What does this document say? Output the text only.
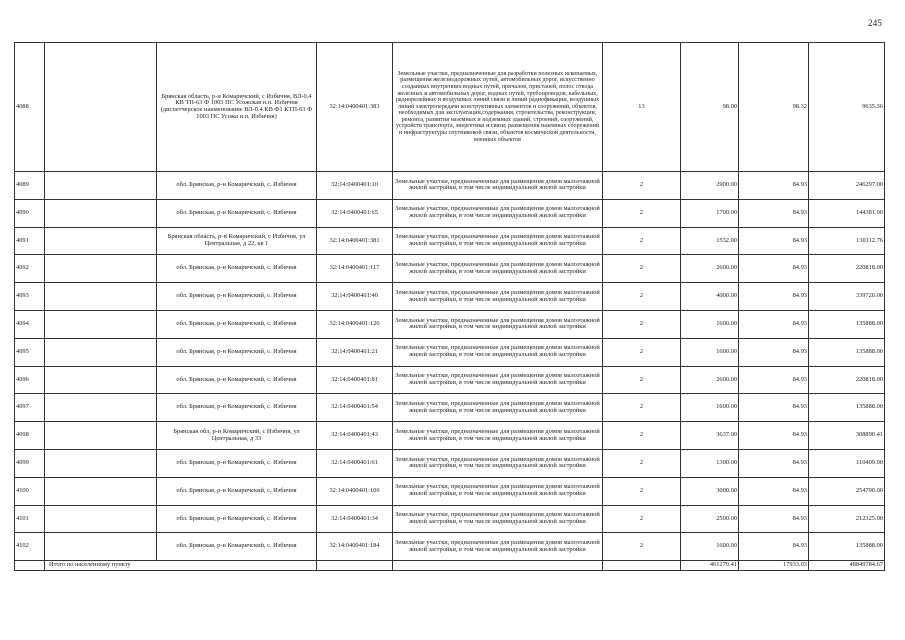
245
4088		Брянская область, р-н Комаричский, с Избичня, ВЛ-0.4 КВ ТП-63 Ф 1003 ПС Усожская н.п. Избичня (диспетчерское наименование ВЛ-0.4 КВ Ф1 КТП-63 Ф 1003 ПС Усожа н.п. Избичня)	32:14:0400401:383	Земельные участки, предназначенные для разработки полезных ископаемых, размещения железнодорожных путей, автомобильных дорог, искусственно созданных внутренних водных путей, причалов, пристаней, полос отвода железных и автомобильных дорог, водных путей, трубопроводов, кабельных, радиорелейных и воздушных линий связи и линий радиофикации, воздушных линий электропередачи конструктивных элементов и сооружений, объектов, необходимых для эксплуатации,содержания, строительства, реконструкции, ремонта, развития наземных и подземных зданий, строений, сооружений, устройств транспорта, энергетики и связи; размещения наземных сооружений и инфраструктуры спутниковой связи, объектов космической деятельности, военных объектов	13	98.00	98.32	9635.36
4089		обл. Брянская, р-н Комаричский, с. Избичня	32:14:0400401:10	Земельные участки, предназначенные для размещения домов малоэтажной жилой застройки, в том числе индивидуальной жилой застройки	2	2900.00	84.93	246297.00
4090		обл. Брянская, р-н Комаричский, с. Избичня	32:14:0400401:65	Земельные участки, предназначенные для размещения домов малоэтажной жилой застройки, в том числе индивидуальной жилой застройки	2	1700.00	84.93	144381.00
4091		Брянская область, р-н Комаричский, с Избичня, ул Центральная, д 22, кв 1	32:14:0400401:381	Земельные участки, предназначенные для размещения домов малоэтажной жилой застройки, в том числе индивидуальной жилой застройки	2	1532.00	84.93	130112.76
4092		обл. Брянская, р-н Комаричский, с. Избичня	32:14:0400401:117	Земельные участки, предназначенные для размещения домов малоэтажной жилой застройки, в том числе индивидуальной жилой застройки	2	2600.00	84.93	220818.00
4093		обл. Брянская, р-н Комаричский, с. Избичня	32:14:0400401:40	Земельные участки, предназначенные для размещения домов малоэтажной жилой застройки, в том числе индивидуальной жилой застройки	2	4000.00	84.93	339720.00
4094		обл. Брянская, р-н Комаричский, с. Избичня	32:14:0400401:126	Земельные участки, предназначенные для размещения домов малоэтажной жилой застройки, в том числе индивидуальной жилой застройки	2	1600.00	84.93	135888.00
4095		обл. Брянская, р-н Комаричский, с. Избичня	32:14:0400401:21	Земельные участки, предназначенные для размещения домов малоэтажной жилой застройки, в том числе индивидуальной жилой застройки	2	1600.00	84.93	135888.00
4096		обл. Брянская, р-н Комаричский, с. Избичня	32:14:0400401:81	Земельные участки, предназначенные для размещения домов малоэтажной жилой застройки, в том числе индивидуальной жилой застройки	2	2600.00	84.93	220818.00
4097		обл. Брянская, р-н Комаричский, с. Избичня	32:14:0400401:54	Земельные участки, предназначенные для размещения домов малоэтажной жилой застройки, в том числе индивидуальной жилой застройки	2	1600.00	84.93	135888.00
4098		Брянская обл, р-н Комаричский, с Избичня, ул Центральная, д 33	32:14:0400401:43	Земельные участки, предназначенные для размещения домов малоэтажной жилой застройки, в том числе индивидуальной жилой застройки	2	3637.00	84.93	308890.41
4099		обл. Брянская, р-н Комаричский, с. Избичня	32:14:0400401:61	Земельные участки, предназначенные для размещения домов малоэтажной жилой застройки, в том числе индивидуальной жилой застройки	2	1300.00	84.93	110409.00
4100		обл. Брянская, р-н Комаричский, с. Избичня	32:14:0400401:106	Земельные участки, предназначенные для размещения домов малоэтажной жилой застройки, в том числе индивидуальной жилой застройки	2	3000.00	84.93	254790.00
4101		обл. Брянская, р-н Комаричский, с. Избичня	32:14:0400401:34	Земельные участки, предназначенные для размещения домов малоэтажной жилой застройки, в том числе индивидуальной жилой застройки	2	2500.00	84.93	212325.00
4102		обл. Брянская, р-н Комаричский, с. Избичня	32:14:0400401:184	Земельные участки, предназначенные для размещения домов малоэтажной жилой застройки, в том числе индивидуальной жилой застройки	2	1600.00	84.93	135888.00
	Итого по населенному пункту					461279.41	17933.03	48849784.67
